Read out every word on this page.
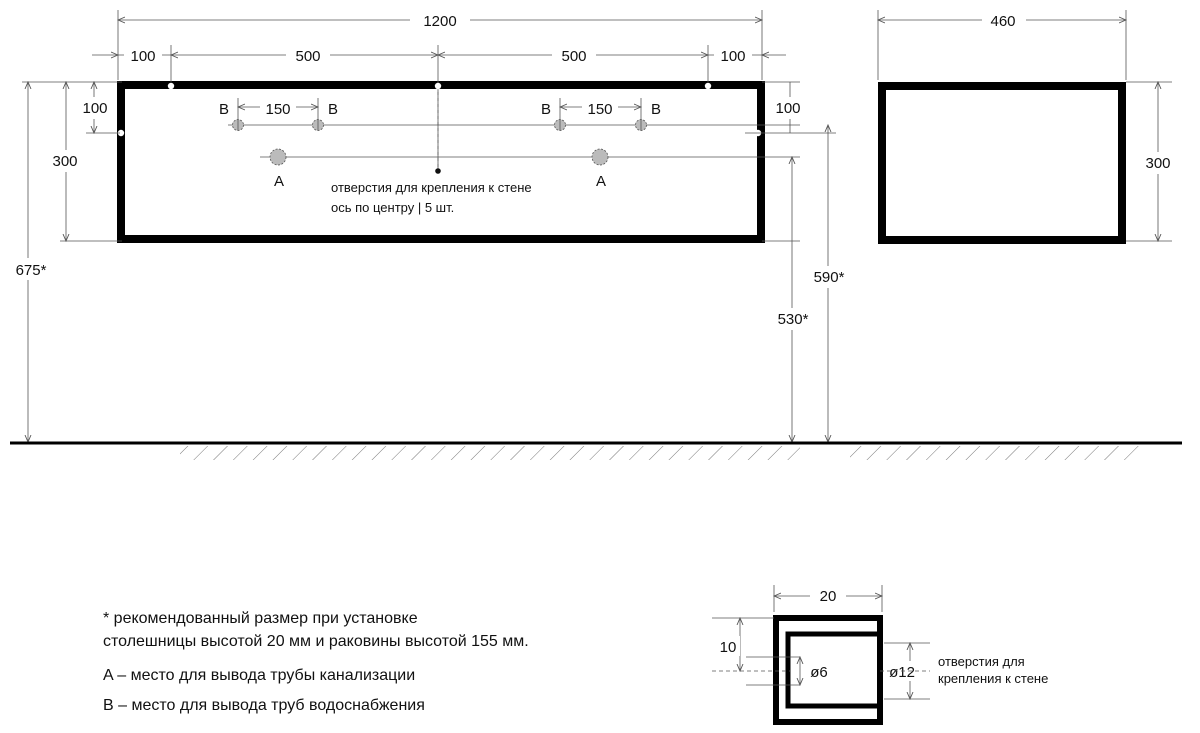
1200
100	500	500	100
отверстия для крепления к стене
ось по центру | 5 шт.
150	150
B	B	B	B
A	A
675*
300
100	100
530*
590*
460
300
* рекомендованный размер при установке
столешницы высотой 20 мм и раковины высотой 155 мм.
A – место для вывода трубы канализации
B – место для вывода труб водоснабжения
20
10
ø6	ø12
отверстия для
крепления к стене
